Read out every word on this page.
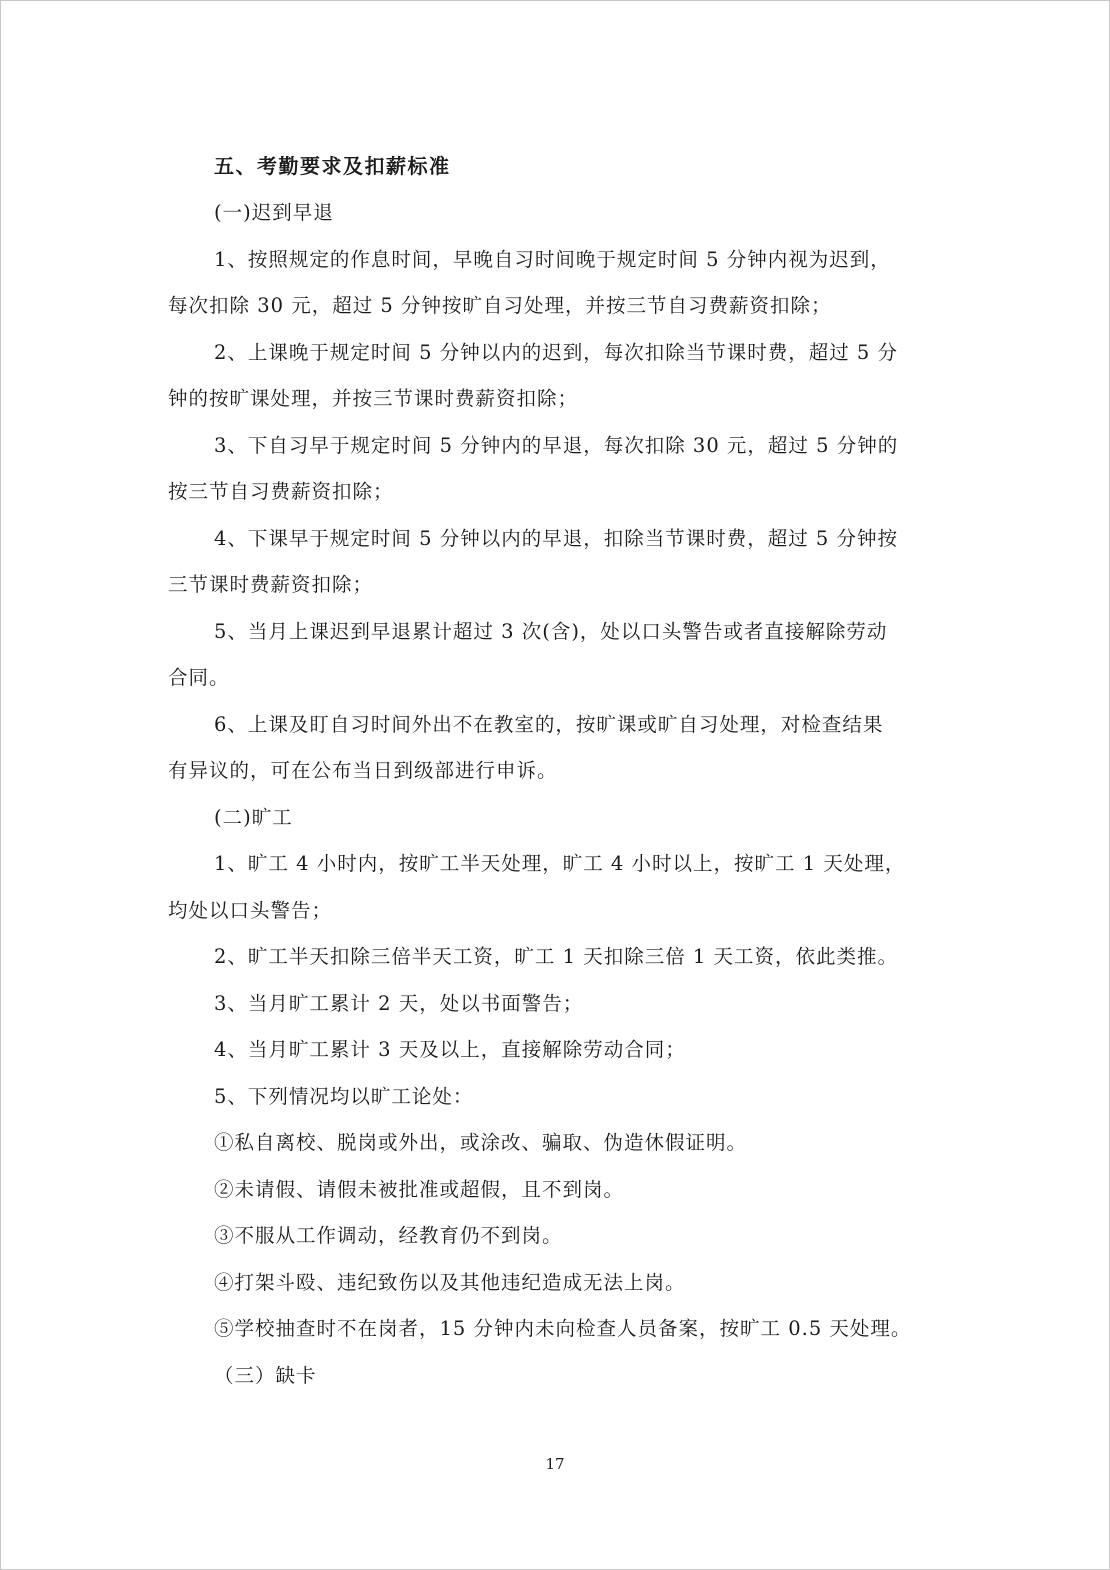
五、考勤要求及扣薪标准
(一)迟到早退
1、按照规定的作息时间，早晚自习时间晚于规定时间 5 分钟内视为迟到，
每次扣除 30 元，超过 5 分钟按旷自习处理，并按三节自习费薪资扣除；
2、上课晚于规定时间 5 分钟以内的迟到，每次扣除当节课时费，超过 5 分
钟的按旷课处理，并按三节课时费薪资扣除；
3、下自习早于规定时间 5 分钟内的早退，每次扣除 30 元，超过 5 分钟的
按三节自习费薪资扣除；
4、下课早于规定时间 5 分钟以内的早退，扣除当节课时费，超过 5 分钟按
三节课时费薪资扣除；
5、当月上课迟到早退累计超过 3 次(含)，处以口头警告或者直接解除劳动
合同。
6、上课及盯自习时间外出不在教室的，按旷课或旷自习处理，对检查结果
有异议的，可在公布当日到级部进行申诉。
(二)旷工
1、旷工 4 小时内，按旷工半天处理，旷工 4 小时以上，按旷工 1 天处理，
均处以口头警告；
2、旷工半天扣除三倍半天工资，旷工 1 天扣除三倍 1 天工资，依此类推。
3、当月旷工累计 2 天，处以书面警告；
4、当月旷工累计 3 天及以上，直接解除劳动合同；
5、下列情况均以旷工论处：
①私自离校、脱岗或外出，或涂改、骗取、伪造休假证明。
②未请假、请假未被批准或超假，且不到岗。
③不服从工作调动，经教育仍不到岗。
④打架斗殴、违纪致伤以及其他违纪造成无法上岗。
⑤学校抽查时不在岗者，15 分钟内未向检查人员备案，按旷工 0.5 天处理。
（三）缺卡
17
